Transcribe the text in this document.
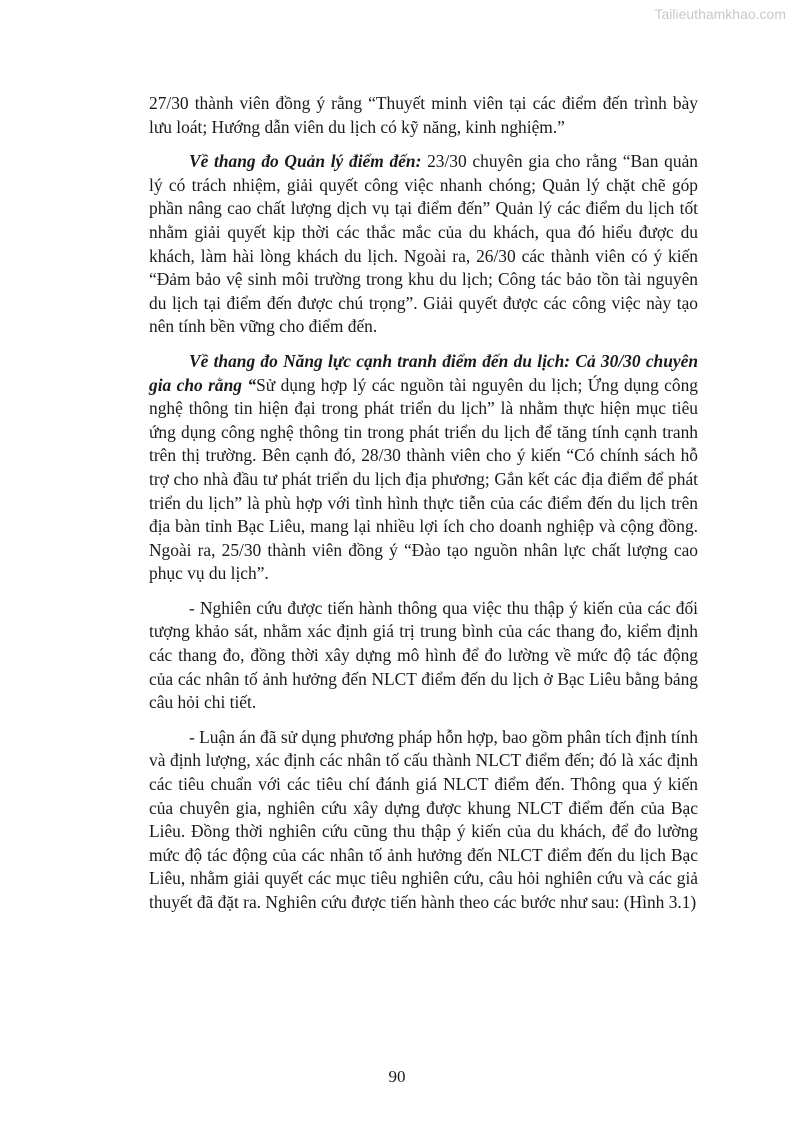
Tailieuthamkhao.com

27/30 thành viên đồng ý rằng “Thuyết minh viên tại các điểm đến trình bày lưu loát; Hướng dẫn viên du lịch có kỹ năng, kinh nghiệm.”

Về thang đo Quản lý điểm đến: 23/30 chuyên gia cho rằng “Ban quản lý có trách nhiệm, giải quyết công việc nhanh chóng; Quản lý chặt chẽ góp phần nâng cao chất lượng dịch vụ tại điểm đến” Quản lý các điểm du lịch tốt nhằm giải quyết kịp thời các thắc mắc của du khách, qua đó hiểu được du khách, làm hài lòng khách du lịch. Ngoài ra, 26/30 các thành viên có ý kiến “Đảm bảo vệ sinh môi trường trong khu du lịch; Công tác bảo tồn tài nguyên du lịch tại điểm đến được chú trọng”. Giải quyết được các công việc này tạo nên tính bền vững cho điểm đến.

Về thang đo Năng lực cạnh tranh điểm đến du lịch: Cả 30/30 chuyên gia cho rằng “Sử dụng hợp lý các nguồn tài nguyên du lịch; Ứng dụng công nghệ thông tin hiện đại trong phát triển du lịch” là nhằm thực hiện mục tiêu ứng dụng công nghệ thông tin trong phát triển du lịch để tăng tính cạnh tranh trên thị trường. Bên cạnh đó, 28/30 thành viên cho ý kiến “Có chính sách hỗ trợ cho nhà đầu tư phát triển du lịch địa phương; Gắn kết các địa điểm để phát triển du lịch” là phù hợp với tình hình thực tiễn của các điểm đến du lịch trên địa bàn tỉnh Bạc Liêu, mang lại nhiều lợi ích cho doanh nghiệp và cộng đồng. Ngoài ra, 25/30 thành viên đồng ý “Đào tạo nguồn nhân lực chất lượng cao phục vụ du lịch”.

- Nghiên cứu được tiến hành thông qua việc thu thập ý kiến của các đối tượng khảo sát, nhằm xác định giá trị trung bình của các thang đo, kiểm định các thang đo, đồng thời xây dựng mô hình để đo lường về mức độ tác động của các nhân tố ảnh hưởng đến NLCT điểm đến du lịch ở Bạc Liêu bằng bảng câu hỏi chi tiết.

- Luận án đã sử dụng phương pháp hỗn hợp, bao gồm phân tích định tính và định lượng, xác định các nhân tố cấu thành NLCT điểm đến; đó là xác định các tiêu chuẩn với các tiêu chí đánh giá NLCT điểm đến. Thông qua ý kiến của chuyên gia, nghiên cứu xây dựng được khung NLCT điểm đến của Bạc Liêu. Đồng thời nghiên cứu cũng thu thập ý kiến của du khách, để đo lường mức độ tác động của các nhân tố ảnh hưởng đến NLCT điểm đến du lịch Bạc Liêu, nhằm giải quyết các mục tiêu nghiên cứu, câu hỏi nghiên cứu và các giả thuyết đã đặt ra. Nghiên cứu được tiến hành theo các bước như sau: (Hình 3.1)

90
